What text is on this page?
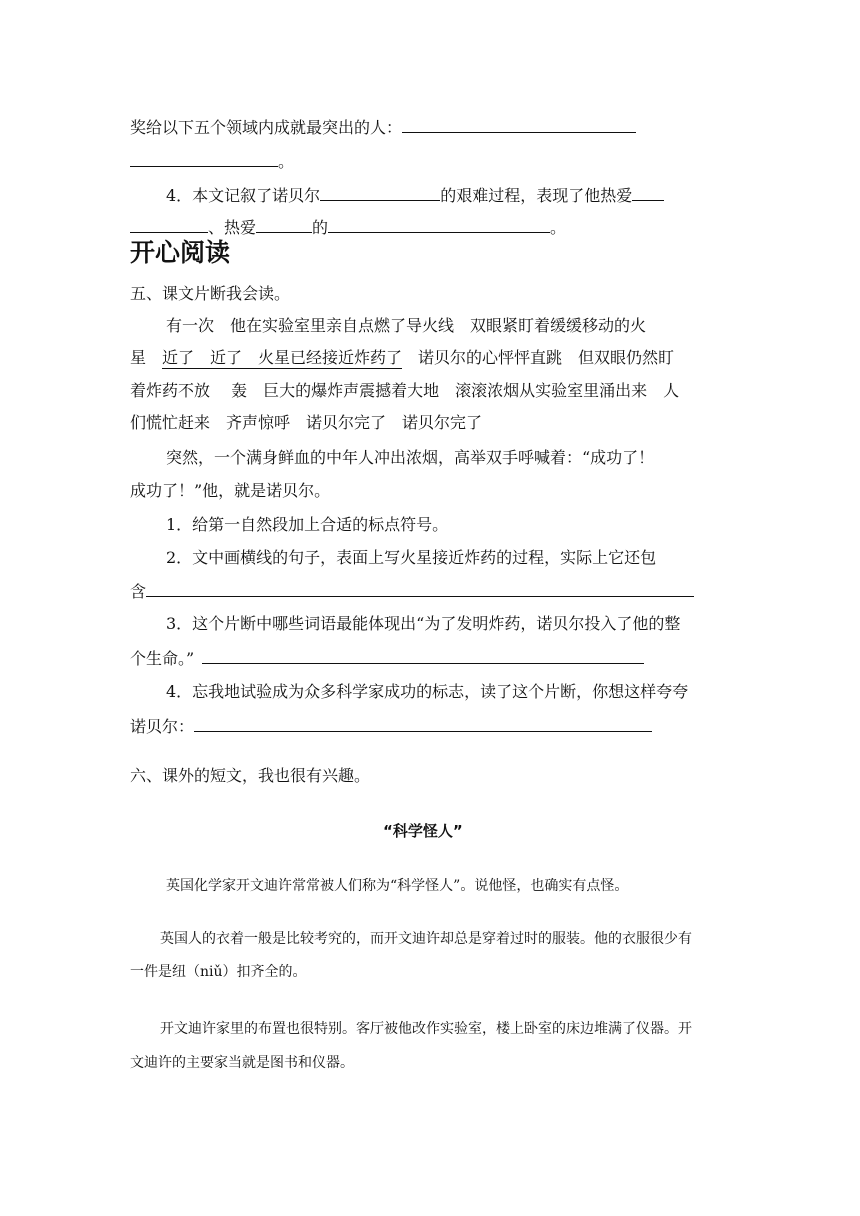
奖给以下五个领域内成就最突出的人：
。
4．本文记叙了诺贝尔	的艰难过程，表现了他热爱
、热爱	的	。
开心阅读
五、课文片断我会读。
有一次　他在实验室里亲自点燃了导火线　双眼紧盯着缓缓移动的火
星　近了　近了　火星已经接近炸药了　诺贝尔的心怦怦直跳　但双眼仍然盯
着炸药不放　 轰　巨大的爆炸声震撼着大地　滚滚浓烟从实验室里涌出来　人
们慌忙赶来　齐声惊呼　诺贝尔完了　诺贝尔完了
突然，一个满身鲜血的中年人冲出浓烟，高举双手呼喊着：“成功了！
成功了！”他，就是诺贝尔。
1．给第一自然段加上合适的标点符号。
2．文中画横线的句子，表面上写火星接近炸药的过程，实际上它还包
含
3．这个片断中哪些词语最能体现出“为了发明炸药，诺贝尔投入了他的整
个生命。”
4．忘我地试验成为众多科学家成功的标志，读了这个片断，你想这样夸夸
诺贝尔：
六、课外的短文，我也很有兴趣。
“科学怪人”
英国化学家开文迪许常常被人们称为“科学怪人”。说他怪，也确实有点怪。
英国人的衣着一般是比较考究的，而开文迪许却总是穿着过时的服装。他的衣服很少有
一件是纽（niǔ）扣齐全的。
开文迪许家里的布置也很特别。客厅被他改作实验室，楼上卧室的床边堆满了仪器。开
文迪许的主要家当就是图书和仪器。
